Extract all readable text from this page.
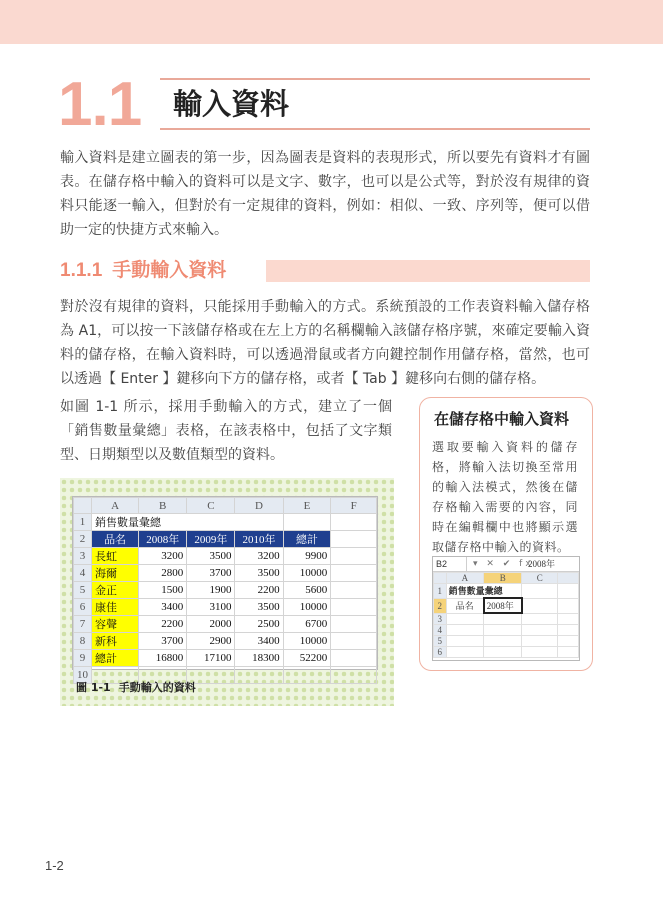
1.1 輸入資料

輸入資料是建立圖表的第一步，因為圖表是資料的表現形式，所以要先有資料才有圖表。在儲存格中輸入的資料可以是文字、數字，也可以是公式等，對於沒有規律的資料只能逐一輸入，但對於有一定規律的資料，例如：相似、一致、序列等，便可以借助一定的快捷方式來輸入。

1.1.1 手動輸入資料

對於沒有規律的資料，只能採用手動輸入的方式。系統預設的工作表資料輸入儲存格為 A1，可以按一下該儲存格或在左上方的名稱欄輸入該儲存格序號，來確定要輸入資料的儲存格，在輸入資料時，可以透過滑鼠或者方向鍵控制作用儲存格，當然，也可以透過【 Enter 】鍵移向下方的儲存格，或者【 Tab 】鍵移向右側的儲存格。

如圖 1-1 所示，採用手動輸入的方式，建立了一個「銷售數量彙總」表格，在該表格中，包括了文字類型、日期類型以及數值類型的資料。

	A	B	C	D	E	F
1	銷售數量彙總					
2	品名	2008年	2009年	2010年	總計	
3	長虹	3200	3500	3200	9900	
4	海爾	2800	3700	3500	10000	
5	金正	1500	1900	2200	5600	
6	康佳	3400	3100	3500	10000	
7	容聲	2200	2000	2500	6700	
8	新科	3700	2900	3400	10000	
9	總計	16800	17100	18300	52200	
10						
圖 1-1 手動輸入的資料
在儲存格中輸入資料
選取要輸入資料的儲存格，將輸入法切換至常用的輸入法模式，然後在儲存格輸入需要的內容，同時在編輯欄中也將顯示選取儲存格中輸入的資料。
B2	▾ ✕ ✔ fx
2008年
	A	B	C	
1	銷售數量彙總			
2	品名	2008年		
3				
4				
5				
6				
1-2
